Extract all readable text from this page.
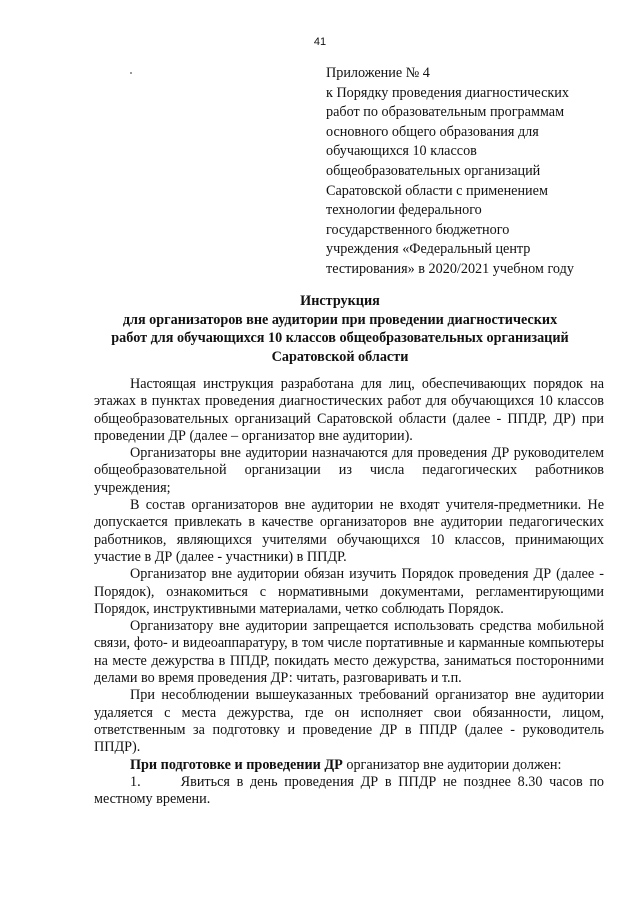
41
Приложение № 4
к Порядку проведения диагностических
работ по образовательным программам
основного общего образования для
обучающихся 10 классов
общеобразовательных организаций
Саратовской области с применением
технологии федерального
государственного бюджетного
учреждения «Федеральный центр
тестирования» в 2020/2021 учебном году
Инструкция
для организаторов вне аудитории при проведении диагностических
работ для обучающихся 10 классов общеобразовательных организаций
Саратовской области

Настоящая инструкция разработана для лиц, обеспечивающих порядок на этажах в пунктах проведения диагностических работ для обучающихся 10 классов общеобразовательных организаций Саратовской области (далее - ППДР, ДР) при проведении ДР (далее – организатор вне аудитории).

Организаторы вне аудитории назначаются для проведения ДР руководителем общеобразовательной организации из числа педагогических работников учреждения;

В состав организаторов вне аудитории не входят учителя-предметники. Не допускается привлекать в качестве организаторов вне аудитории педагогических работников, являющихся учителями обучающихся 10 классов, принимающих участие в ДР (далее - участники) в ППДР.

Организатор вне аудитории обязан изучить Порядок проведения ДР (далее - Порядок), ознакомиться с нормативными документами, регламентирующими Порядок, инструктивными материалами, четко соблюдать Порядок.

Организатору вне аудитории запрещается использовать средства мобильной связи, фото- и видеоаппаратуру, в том числе портативные и карманные компьютеры на месте дежурства в ППДР, покидать место дежурства, заниматься посторонними делами во время проведения ДР: читать, разговаривать и т.п.

При несоблюдении вышеуказанных требований организатор вне аудитории удаляется с места дежурства, где он исполняет свои обязанности, лицом, ответственным за подготовку и проведение ДР в ППДР (далее - руководитель ППДР).

При подготовке и проведении ДР организатор вне аудитории должен:

1.	Явиться в день проведения ДР в ППДР не позднее 8.30 часов по местному времени.
